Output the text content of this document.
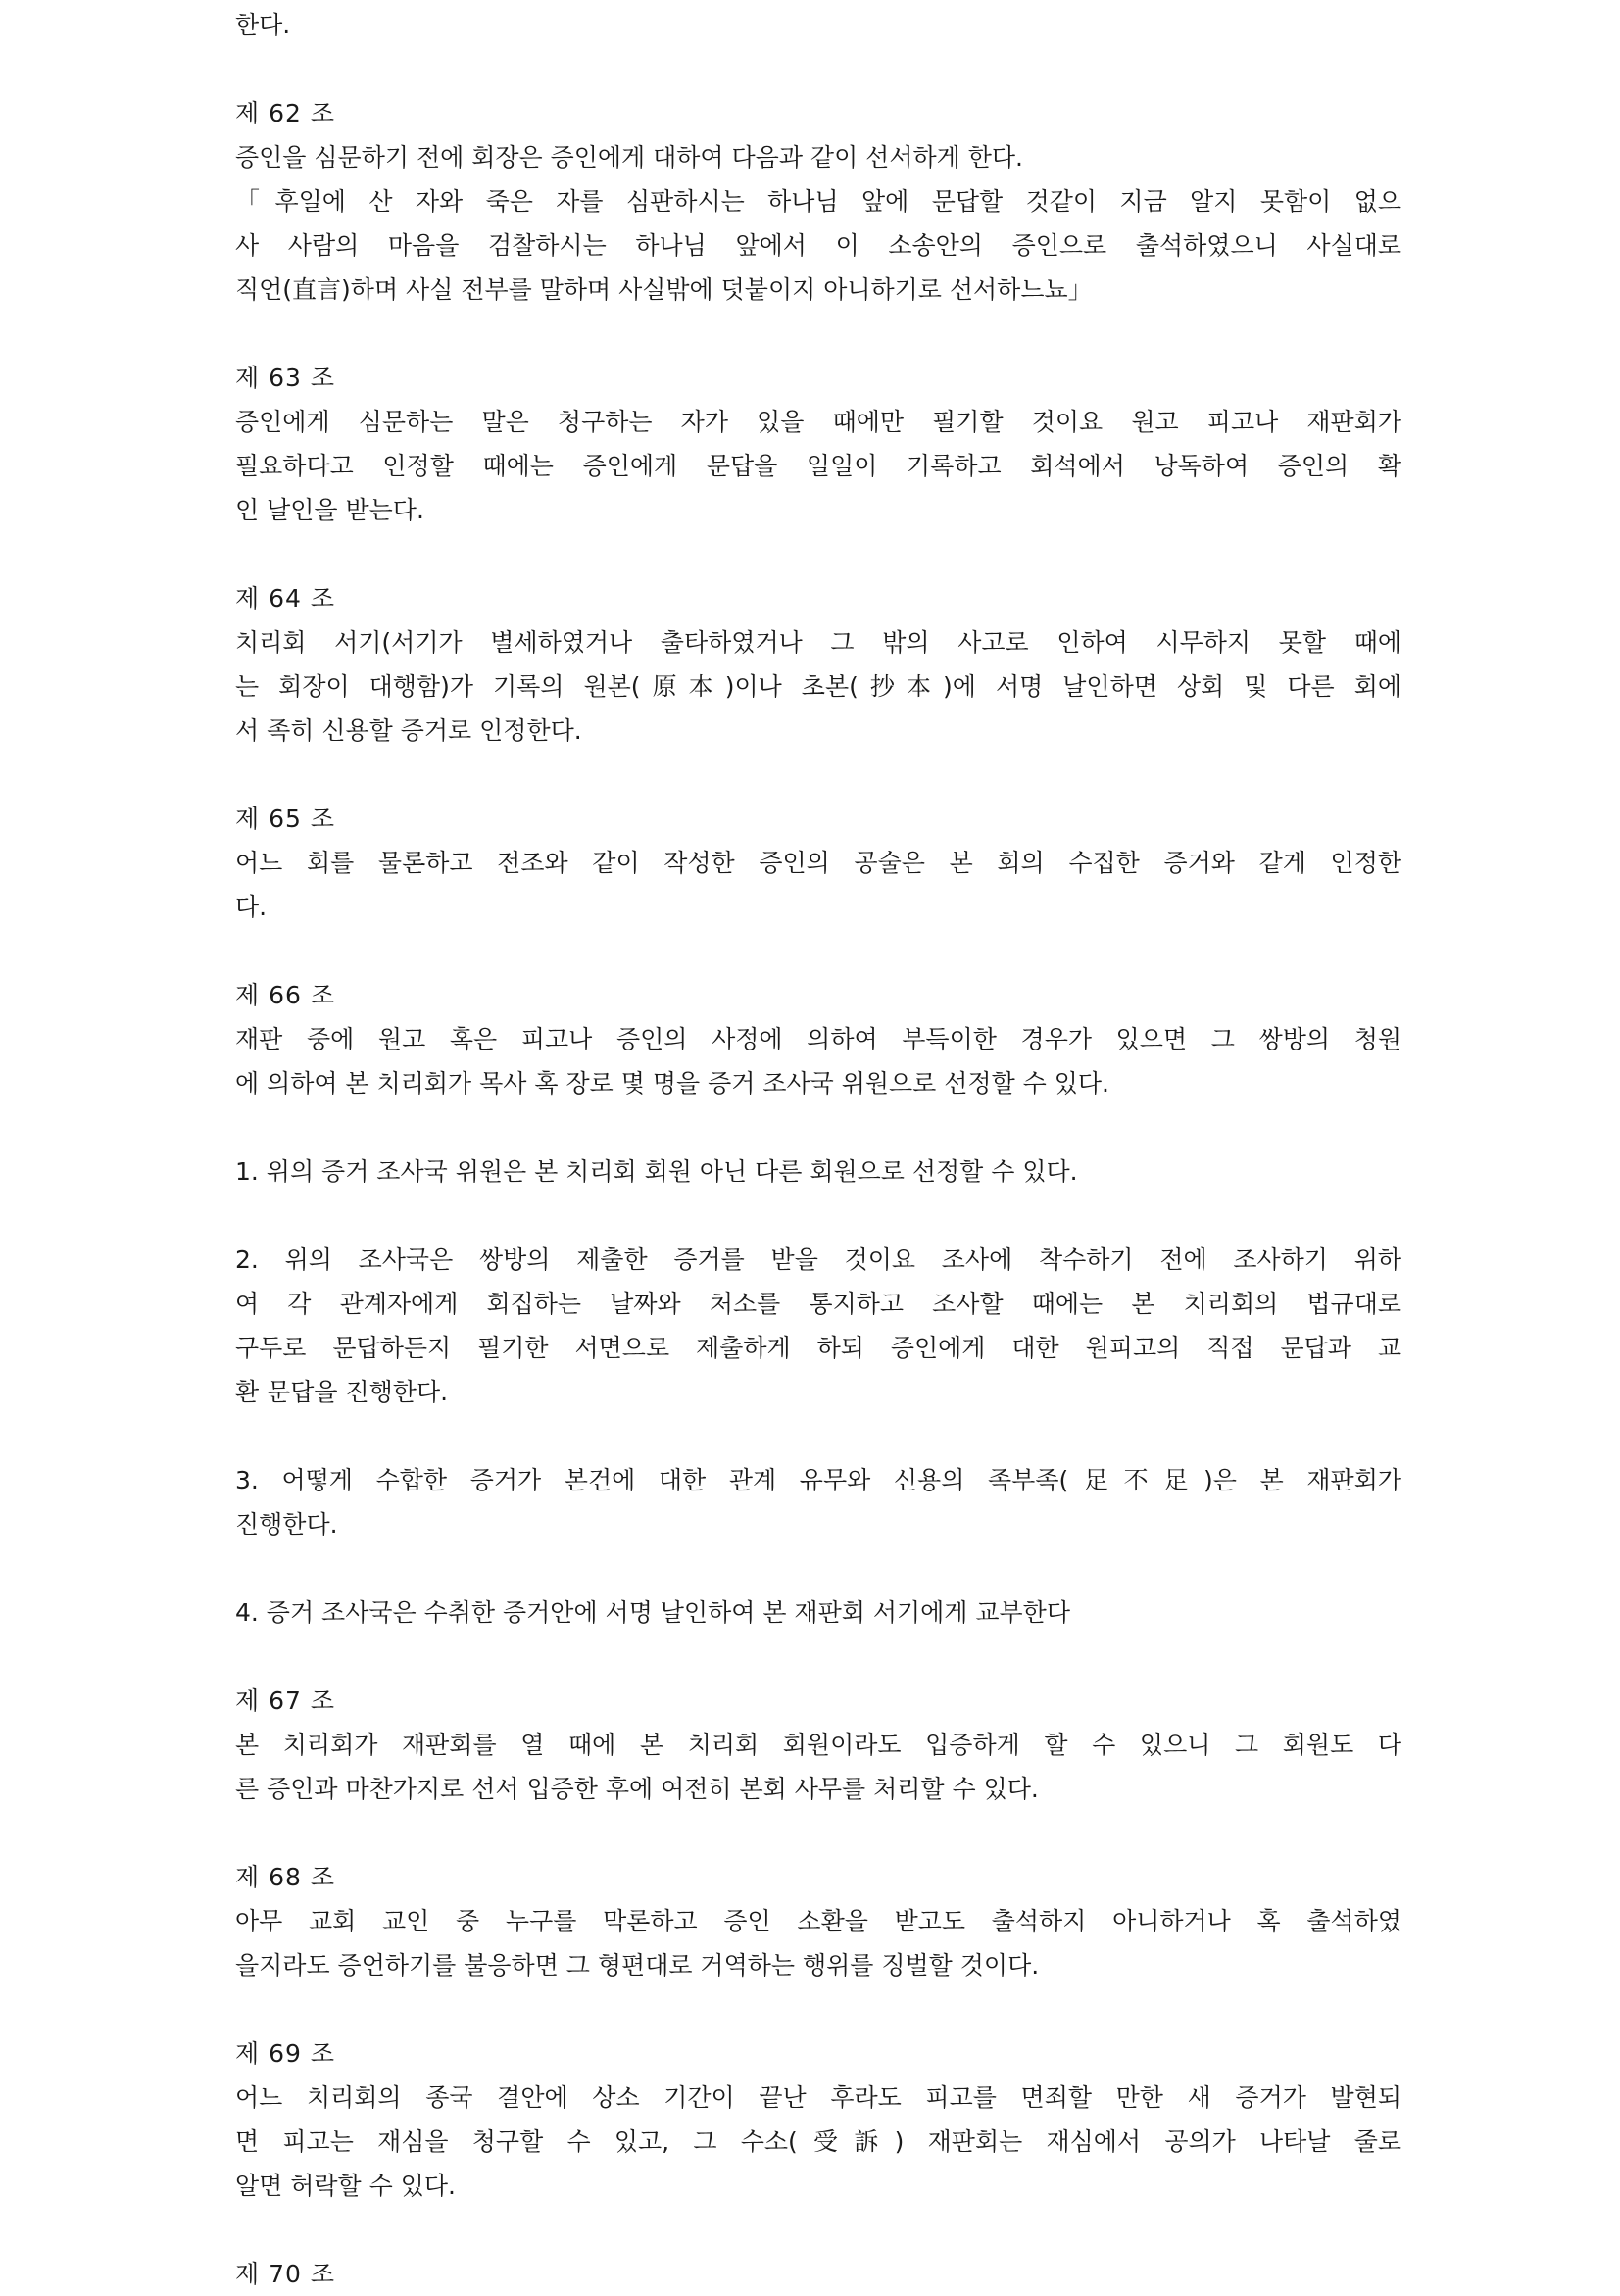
한다.
제 62 조
증인을 심문하기 전에 회장은 증인에게 대하여 다음과 같이 선서하게 한다.
「후일에 산 자와 죽은 자를 심판하시는 하나님 앞에 문답할 것같이 지금 알지 못함이 없으
사 사람의 마음을 검찰하시는 하나님 앞에서 이 소송안의 증인으로 출석하였으니 사실대로
직언(直言)하며 사실 전부를 말하며 사실밖에 덧붙이지 아니하기로 선서하느뇨」
제 63 조
증인에게 심문하는 말은 청구하는 자가 있을 때에만 필기할 것이요 원고 피고나 재판회가
필요하다고 인정할 때에는 증인에게 문답을 일일이 기록하고 회석에서 낭독하여 증인의 확
인 날인을 받는다.
제 64 조
치리회 서기(서기가 별세하였거나 출타하였거나 그 밖의 사고로 인하여 시무하지 못할 때에
는 회장이 대행함)가 기록의 원본(原本)이나 초본(抄本)에 서명 날인하면 상회 및 다른 회에
서 족히 신용할 증거로 인정한다.
제 65 조
어느 회를 물론하고 전조와 같이 작성한 증인의 공술은 본 회의 수집한 증거와 같게 인정한
다.
제 66 조
재판 중에 원고 혹은 피고나 증인의 사정에 의하여 부득이한 경우가 있으면 그 쌍방의 청원
에 의하여 본 치리회가 목사 혹 장로 몇 명을 증거 조사국 위원으로 선정할 수 있다.
1. 위의 증거 조사국 위원은 본 치리회 회원 아닌 다른 회원으로 선정할 수 있다.
2. 위의 조사국은 쌍방의 제출한 증거를 받을 것이요 조사에 착수하기 전에 조사하기 위하
여 각 관계자에게 회집하는 날짜와 처소를 통지하고 조사할 때에는 본 치리회의 법규대로
구두로 문답하든지 필기한 서면으로 제출하게 하되 증인에게 대한 원피고의 직접 문답과 교
환 문답을 진행한다.
3. 어떻게 수합한 증거가 본건에 대한 관계 유무와 신용의 족부족(足不足)은 본 재판회가
진행한다.
4. 증거 조사국은 수취한 증거안에 서명 날인하여 본 재판회 서기에게 교부한다
제 67 조
본 치리회가 재판회를 열 때에 본 치리회 회원이라도 입증하게 할 수 있으니 그 회원도 다
른 증인과 마찬가지로 선서 입증한 후에 여전히 본회 사무를 처리할 수 있다.
제 68 조
아무 교회 교인 중 누구를 막론하고 증인 소환을 받고도 출석하지 아니하거나 혹 출석하였
을지라도 증언하기를 불응하면 그 형편대로 거역하는 행위를 징벌할 것이다.
제 69 조
어느 치리회의 종국 결안에 상소 기간이 끝난 후라도 피고를 면죄할 만한 새 증거가 발현되
면 피고는 재심을 청구할 수 있고, 그 수소(受訴) 재판회는 재심에서 공의가 나타날 줄로
알면 허락할 수 있다.
제 70 조
